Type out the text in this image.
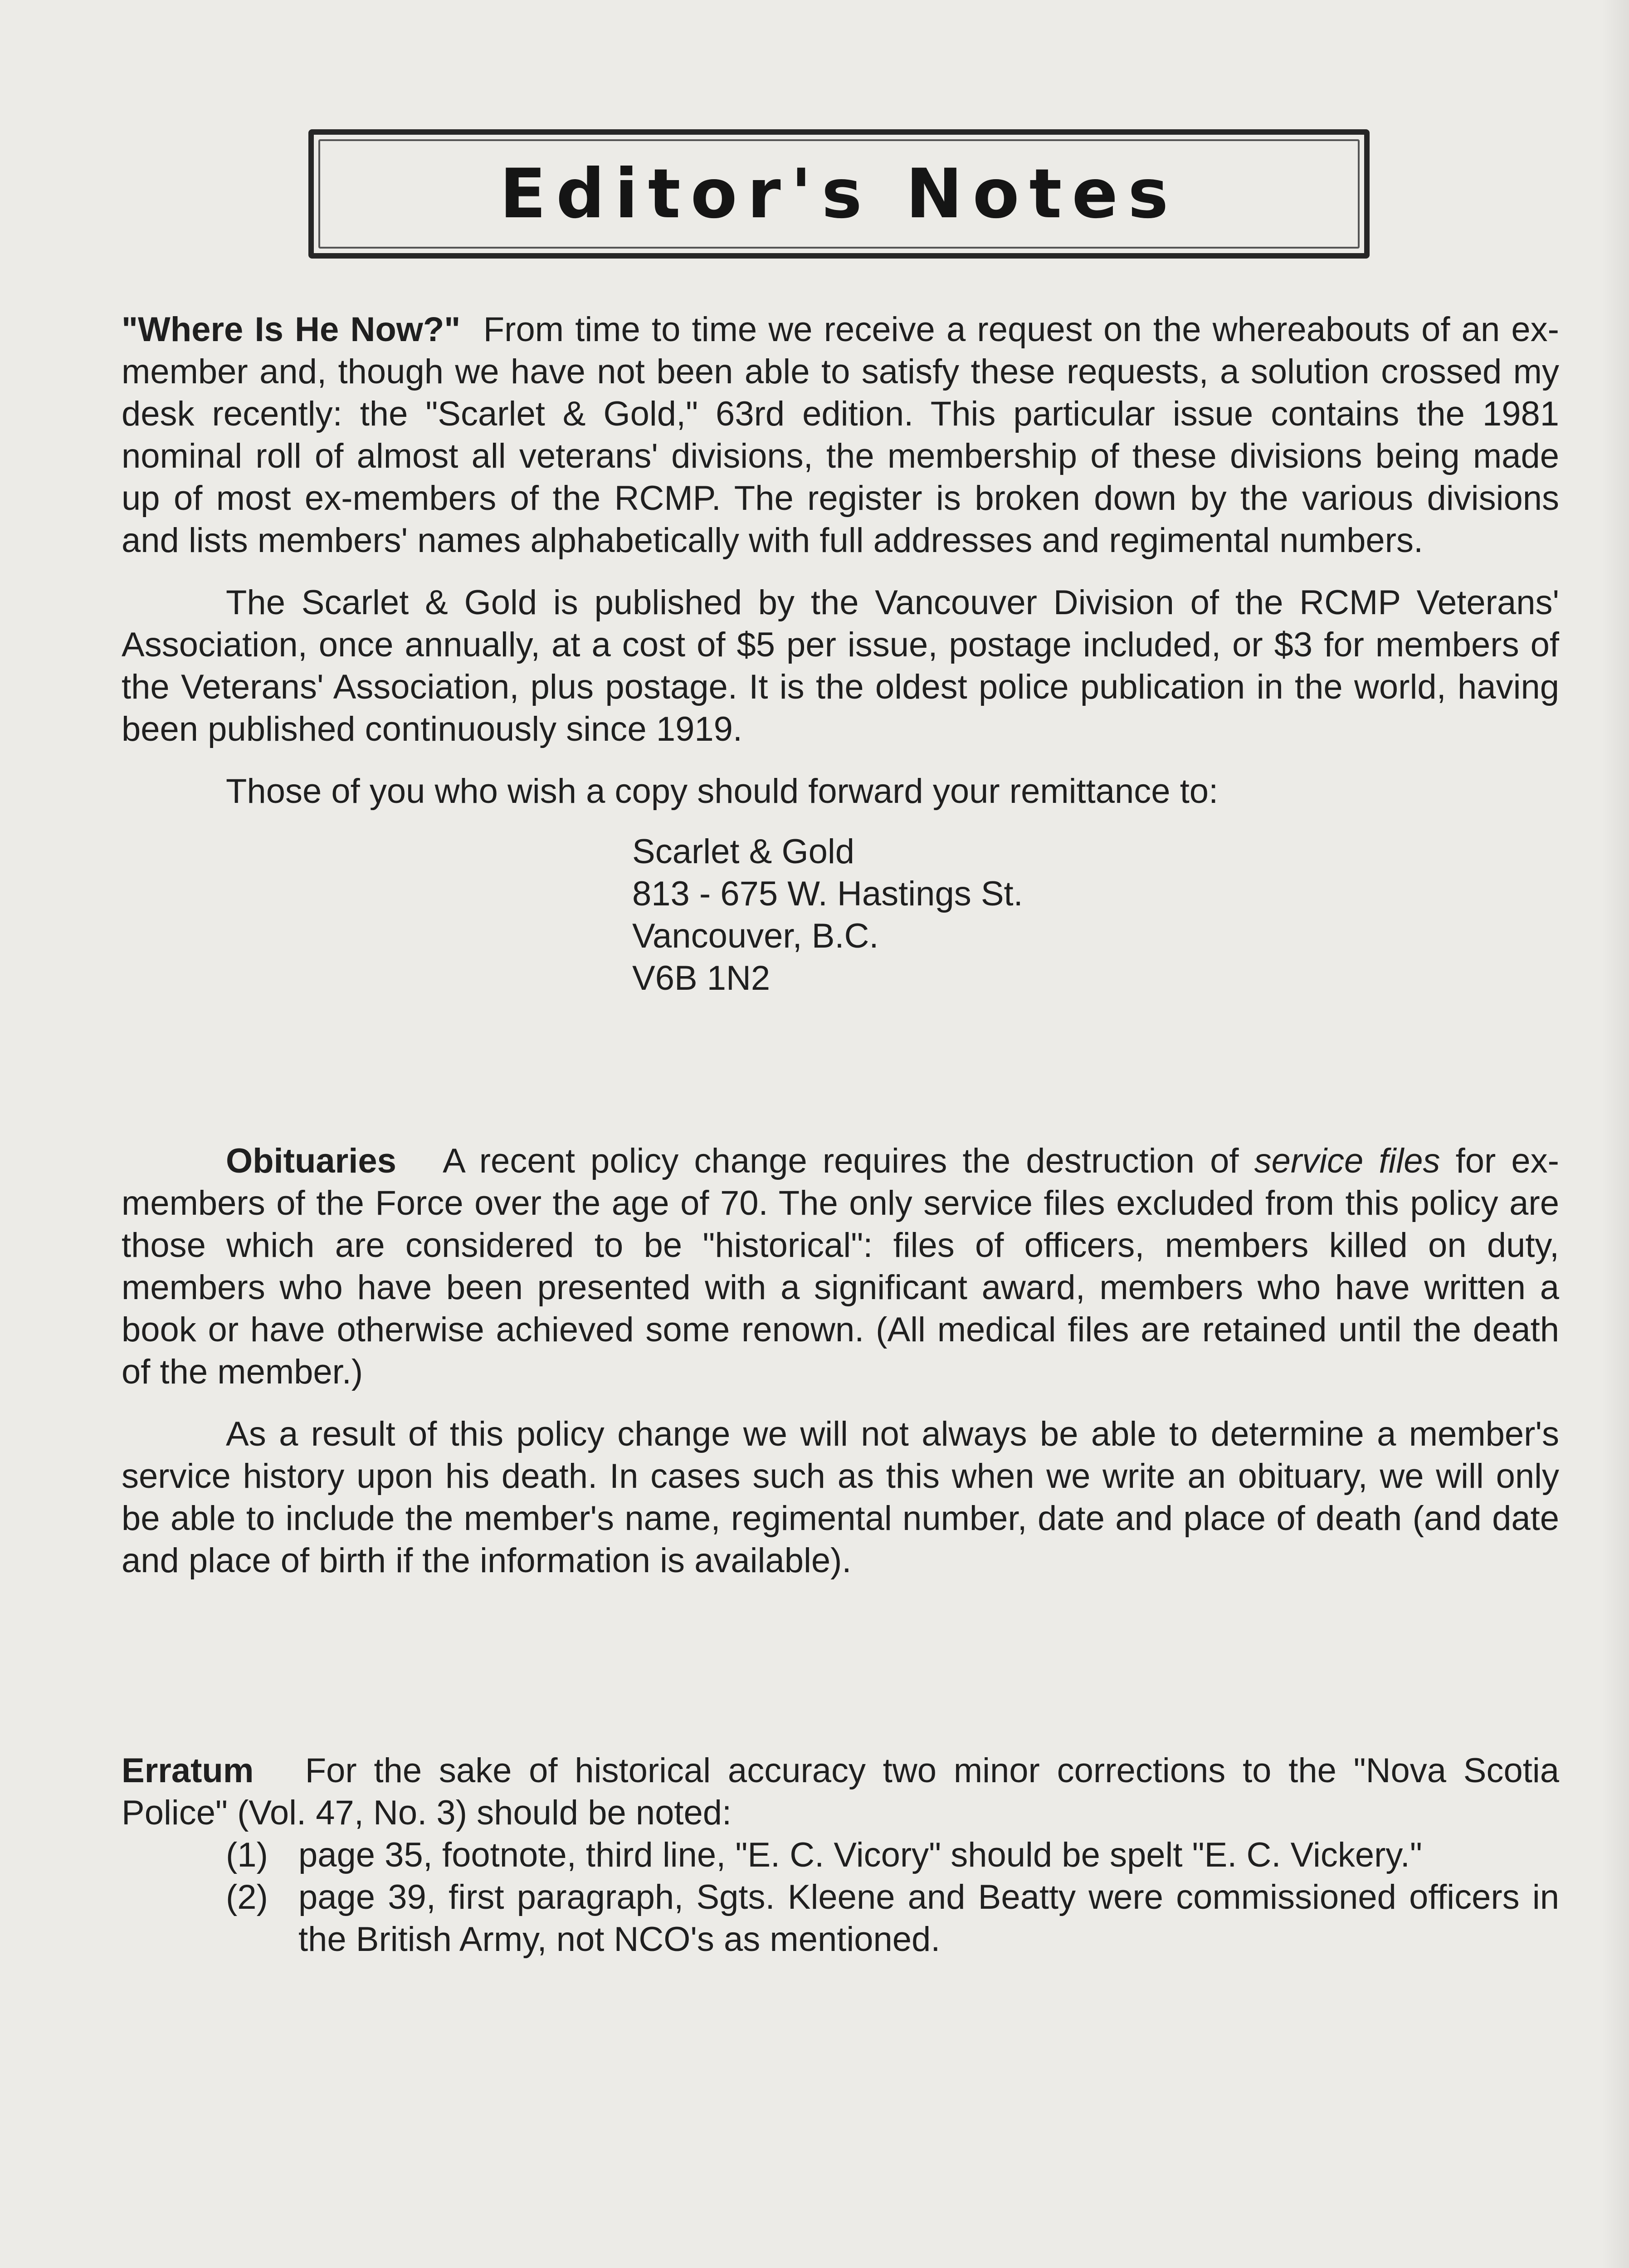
Editor's Notes

"Where Is He Now?" From time to time we receive a request on the whereabouts of an ex-member and, though we have not been able to satisfy these requests, a solution crossed my desk recently: the "Scarlet & Gold," 63rd edition. This particular issue contains the 1981 nominal roll of almost all veterans' divisions, the membership of these divisions being made up of most ex-members of the RCMP. The register is broken down by the various divisions and lists members' names alphabetically with full addresses and regimental numbers.

The Scarlet & Gold is published by the Vancouver Division of the RCMP Veterans' Association, once annually, at a cost of $5 per issue, postage included, or $3 for members of the Veterans' Association, plus postage. It is the oldest police publication in the world, having been published continuously since 1919.

Those of you who wish a copy should forward your remittance to:

Scarlet & Gold
813 - 675 W. Hastings St.
Vancouver, B.C.
V6B 1N2

Obituaries A recent policy change requires the destruction of service files for ex-members of the Force over the age of 70. The only service files excluded from this policy are those which are considered to be "historical": files of officers, members killed on duty, members who have been presented with a significant award, members who have written a book or have otherwise achieved some renown. (All medical files are retained until the death of the member.)

As a result of this policy change we will not always be able to determine a member's service history upon his death. In cases such as this when we write an obituary, we will only be able to include the member's name, regimental number, date and place of death (and date and place of birth if the information is available).

Erratum For the sake of historical accuracy two minor corrections to the "Nova Scotia Police" (Vol. 47, No. 3) should be noted:

(1) page 35, footnote, third line, "E. C. Vicory" should be spelt "E. C. Vickery."
(2) page 39, first paragraph, Sgts. Kleene and Beatty were commissioned officers in the British Army, not NCO's as mentioned.
